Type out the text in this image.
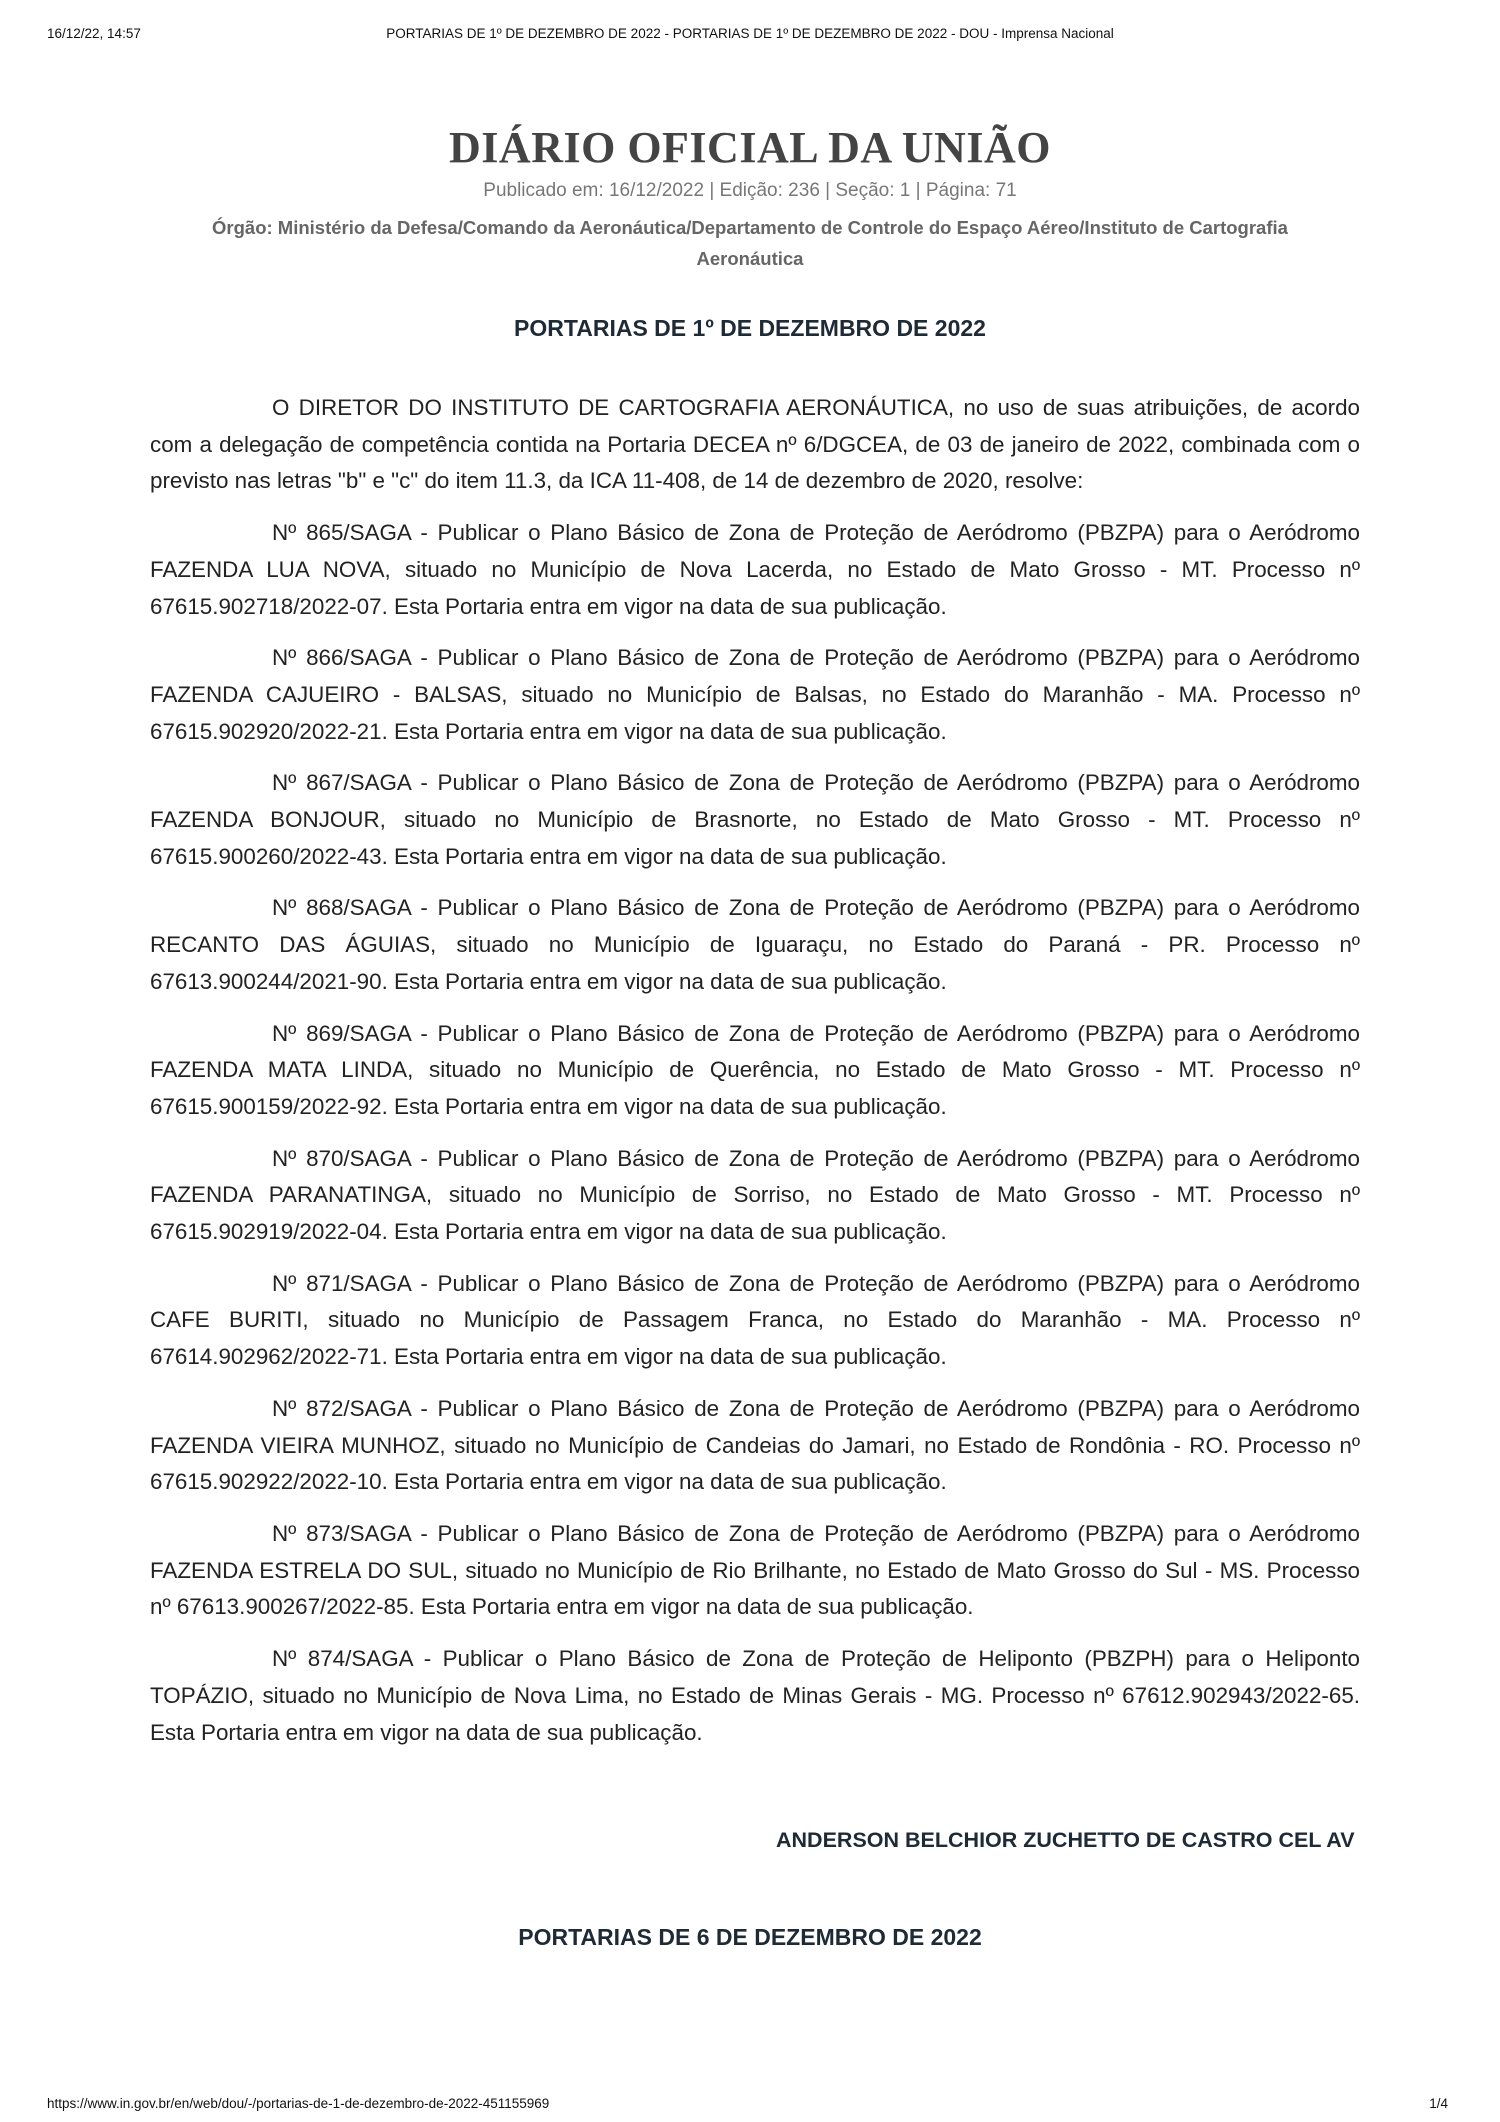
16/12/22, 14:57	PORTARIAS DE 1º DE DEZEMBRO DE 2022 - PORTARIAS DE 1º DE DEZEMBRO DE 2022 - DOU - Imprensa Nacional
DIÁRIO OFICIAL DA UNIÃO
Publicado em: 16/12/2022 | Edição: 236 | Seção: 1 | Página: 71
Órgão: Ministério da Defesa/Comando da Aeronáutica/Departamento de Controle do Espaço Aéreo/Instituto de Cartografia Aeronáutica
PORTARIAS DE 1º DE DEZEMBRO DE 2022

O DIRETOR DO INSTITUTO DE CARTOGRAFIA AERONÁUTICA, no uso de suas atribuições, de acordo com a delegação de competência contida na Portaria DECEA nº 6/DGCEA, de 03 de janeiro de 2022, combinada com o previsto nas letras "b" e "c" do item 11.3, da ICA 11-408, de 14 de dezembro de 2020, resolve:

Nº 865/SAGA - Publicar o Plano Básico de Zona de Proteção de Aeródromo (PBZPA) para o Aeródromo FAZENDA LUA NOVA, situado no Município de Nova Lacerda, no Estado de Mato Grosso - MT. Processo nº 67615.902718/2022-07. Esta Portaria entra em vigor na data de sua publicação.

Nº 866/SAGA - Publicar o Plano Básico de Zona de Proteção de Aeródromo (PBZPA) para o Aeródromo FAZENDA CAJUEIRO - BALSAS, situado no Município de Balsas, no Estado do Maranhão - MA. Processo nº 67615.902920/2022-21. Esta Portaria entra em vigor na data de sua publicação.

Nº 867/SAGA - Publicar o Plano Básico de Zona de Proteção de Aeródromo (PBZPA) para o Aeródromo FAZENDA BONJOUR, situado no Município de Brasnorte, no Estado de Mato Grosso - MT. Processo nº 67615.900260/2022-43. Esta Portaria entra em vigor na data de sua publicação.

Nº 868/SAGA - Publicar o Plano Básico de Zona de Proteção de Aeródromo (PBZPA) para o Aeródromo RECANTO DAS ÁGUIAS, situado no Município de Iguaraçu, no Estado do Paraná - PR. Processo nº 67613.900244/2021-90. Esta Portaria entra em vigor na data de sua publicação.

Nº 869/SAGA - Publicar o Plano Básico de Zona de Proteção de Aeródromo (PBZPA) para o Aeródromo FAZENDA MATA LINDA, situado no Município de Querência, no Estado de Mato Grosso - MT. Processo nº 67615.900159/2022-92. Esta Portaria entra em vigor na data de sua publicação.

Nº 870/SAGA - Publicar o Plano Básico de Zona de Proteção de Aeródromo (PBZPA) para o Aeródromo FAZENDA PARANATINGA, situado no Município de Sorriso, no Estado de Mato Grosso - MT. Processo nº 67615.902919/2022-04. Esta Portaria entra em vigor na data de sua publicação.

Nº 871/SAGA - Publicar o Plano Básico de Zona de Proteção de Aeródromo (PBZPA) para o Aeródromo CAFE BURITI, situado no Município de Passagem Franca, no Estado do Maranhão - MA. Processo nº 67614.902962/2022-71. Esta Portaria entra em vigor na data de sua publicação.

Nº 872/SAGA - Publicar o Plano Básico de Zona de Proteção de Aeródromo (PBZPA) para o Aeródromo FAZENDA VIEIRA MUNHOZ, situado no Município de Candeias do Jamari, no Estado de Rondônia - RO. Processo nº 67615.902922/2022-10. Esta Portaria entra em vigor na data de sua publicação.

Nº 873/SAGA - Publicar o Plano Básico de Zona de Proteção de Aeródromo (PBZPA) para o Aeródromo FAZENDA ESTRELA DO SUL, situado no Município de Rio Brilhante, no Estado de Mato Grosso do Sul - MS. Processo nº 67613.900267/2022-85. Esta Portaria entra em vigor na data de sua publicação.

Nº 874/SAGA - Publicar o Plano Básico de Zona de Proteção de Heliponto (PBZPH) para o Heliponto TOPÁZIO, situado no Município de Nova Lima, no Estado de Minas Gerais - MG. Processo nº 67612.902943/2022-65. Esta Portaria entra em vigor na data de sua publicação.

ANDERSON BELCHIOR ZUCHETTO DE CASTRO CEL AV
PORTARIAS DE 6 DE DEZEMBRO DE 2022
https://www.in.gov.br/en/web/dou/-/portarias-de-1-de-dezembro-de-2022-451155969	1/4
